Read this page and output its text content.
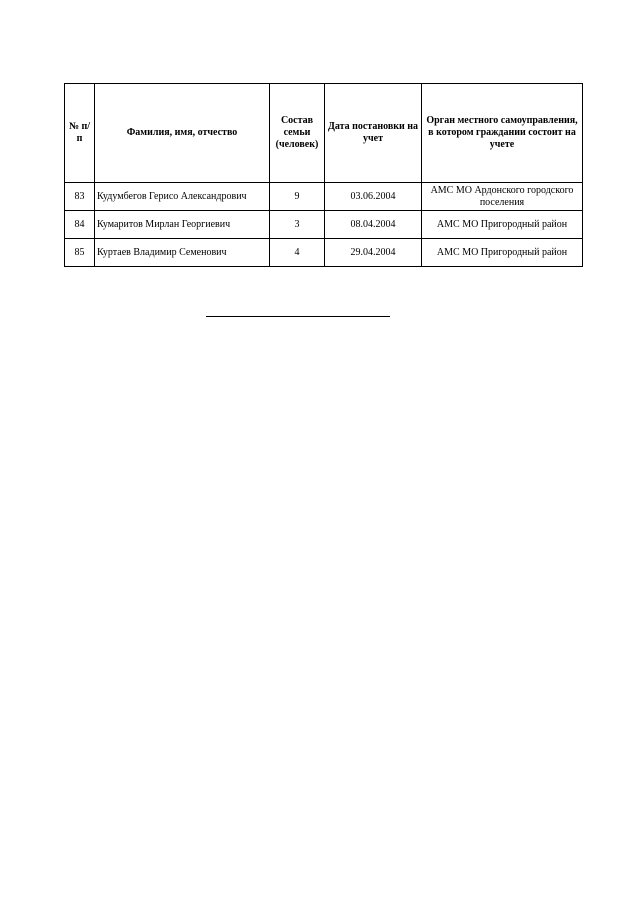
№ п/п	Фамилия, имя, отчество	Состав семьи (человек)	Дата постановки на учет	Орган местного самоуправления, в котором граждании состоит на учете
83	Кудумбегов Гериcо Александрович	9	03.06.2004	АМС МО Ардонского городского поселения
84	Кумаритов Мирлан Георгиевич	3	08.04.2004	АМС МО Пригородный район
85	Куртаев Владимир Семенович	4	29.04.2004	АМС МО Пригородный район
